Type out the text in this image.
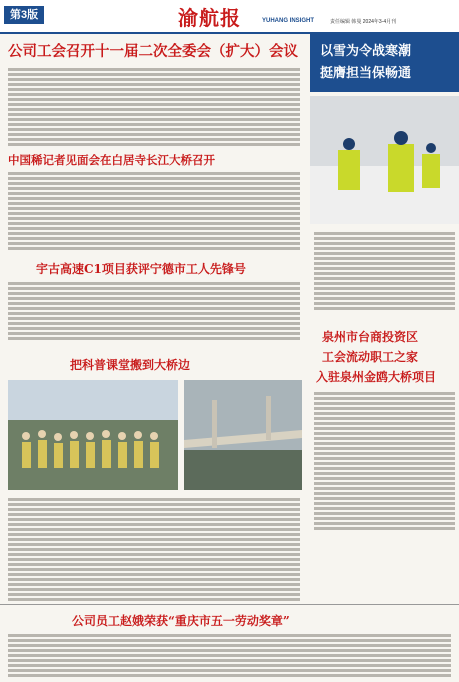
第3版	渝航报	YUHANG INSIGHT	责任编辑 韩曼 2024年3-4月刊
公司工会召开十一届二次全委会（扩大）会议
中国稀记者见面会在白居寺长江大桥召开
宇古高速C1项目获评宁德市工人先锋号
把科普课堂搬到大桥边
以雪为令战寒潮
挺膺担当保畅通
泉州市台商投资区
工会流动职工之家
入驻泉州金鸥大桥项目
公司员工赵娥荣获“重庆市五一劳动奖章”
